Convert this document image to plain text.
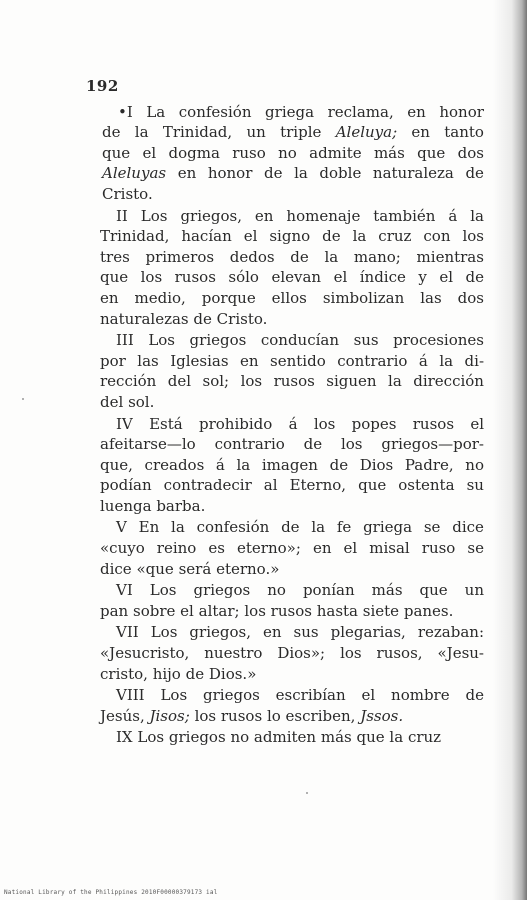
192
•I La confesión griega reclama, en honor
de la Trinidad, un triple Aleluya; en tanto
que el dogma ruso no admite más que dos
Aleluyas en honor de la doble naturaleza de
Cristo.
II Los griegos, en homenaje también á la
Trinidad, hacían el signo de la cruz con los
tres primeros dedos de la mano; mientras
que los rusos sólo elevan el índice y el de
en medio, porque ellos simbolizan las dos
naturalezas de Cristo.
III Los griegos conducían sus procesiones
por las Iglesias en sentido contrario á la di-
rección del sol; los rusos siguen la dirección
del sol.
IV Está prohibido á los popes rusos el
afeitarse—lo contrario de los griegos—por-
que, creados á la imagen de Dios Padre, no
podían contradecir al Eterno, que ostenta su
luenga barba.
V En la confesión de la fe griega se dice
«cuyo reino es eterno»; en el misal ruso se
dice «que será eterno.»
VI Los griegos no ponían más que un
pan sobre el altar; los rusos hasta siete panes.
VII Los griegos, en sus plegarias, rezaban:
«Jesucristo, nuestro Dios»; los rusos, «Jesu-
cristo, hijo de Dios.»
VIII Los griegos escribían el nombre de
Jesús, Jisos; los rusos lo escriben, Jssos.
IX Los griegos no admiten más que la cruz
National Library of the Philippines 2010F00000379173 ial
